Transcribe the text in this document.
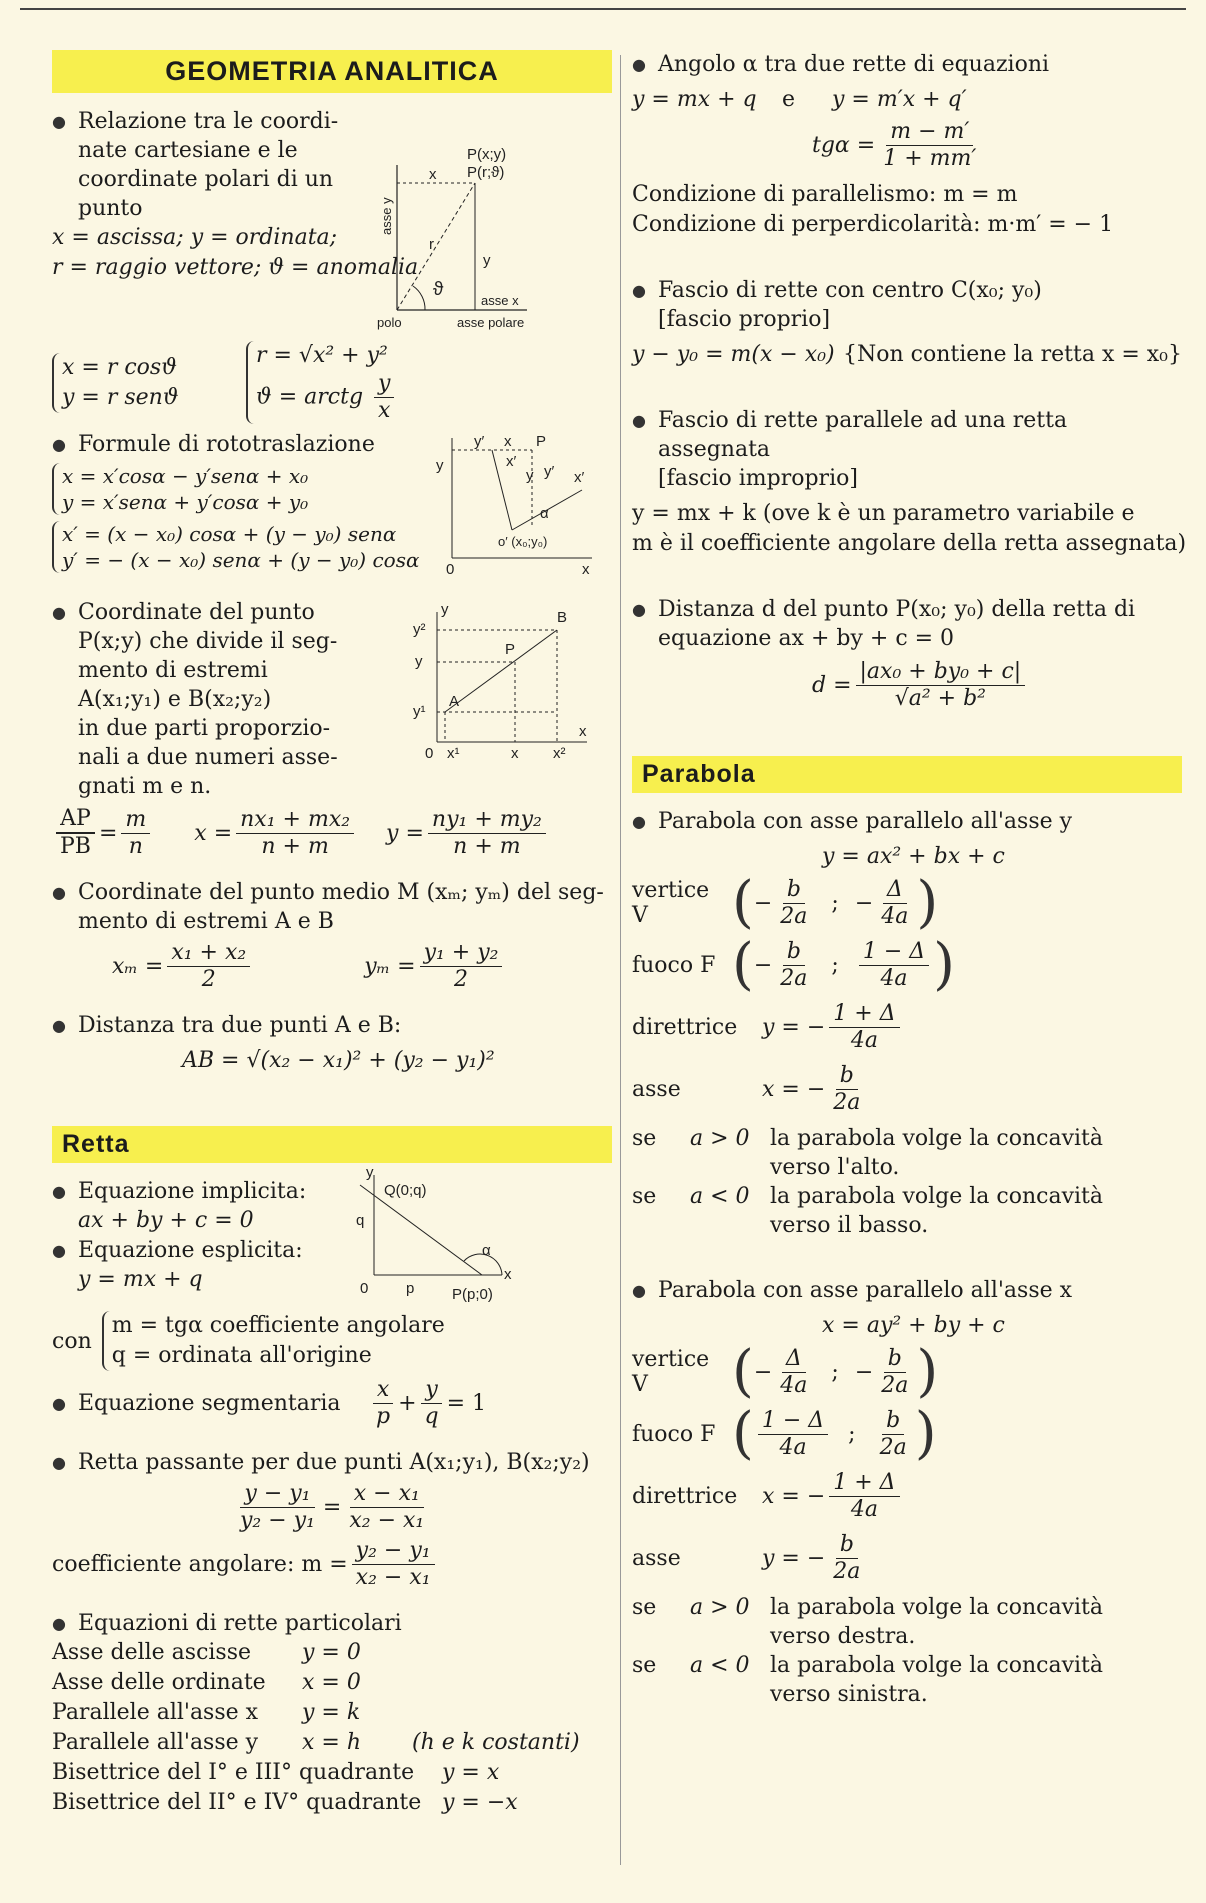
GEOMETRIA ANALITICA
● Relazione tra le coordi-
nate cartesiane e le
coordinate polari di un
punto
x = ascissa; y = ordinata;
r = raggio vettore; ϑ = anomalia
P(x;y)
P(r;ϑ)
x
y
r
ϑ
asse y
asse x
polo	asse polare
x = r cosϑ
y = r senϑ
r = √x² + y²
ϑ = arctg $\frac{y}{x}$
● Formule di rototraslazione
x = x′cosα − y′senα + x₀
y = x′senα + y′cosα + y₀
x′ = (x − x₀) cosα + (y − y₀) senα
y′ = − (x − x₀) senα + (y − y₀) cosα
y
y′ x P
x′
y y′ x′
α
o′ (x₀;y₀)
0	x
● Coordinate del punto
P(x;y) che divide il seg-
mento di estremi
A(x₁;y₁) e B(x₂;y₂)
in due parti proporzio-
nali a due numeri asse-
gnati m e n.
y
y²
y
y¹
B
P
A
0 x¹	x x²
x
$\frac{AP}{PB} = \frac{m}{n}$ $x = \frac{\text{nx₁ + mx₂}}{n + m}$ $y = \frac{\text{ny₁ + my₂}}{n + m}$
● Coordinate del punto medio M (xₘ; yₘ) del seg-
mento di estremi A e B
$x_m = \frac{\text{x₁ + x₂}}{2}$	$y_m = \frac{\text{y₁ + y₂}}{2}$
● Distanza tra due punti A e B:
AB = √(x₂ − x₁)² + (y₂ − y₁)²
Retta
● Equazione implicita:
ax + by + c = 0
● Equazione esplicita:
y = mx + q
y
Q(0;q)
q
α
x
0	p	P(p;0)
con
m = tgα coefficiente angolare
q = ordinata all'origine
● Equazione segmentaria	$\frac{x}{p} + \frac{y}{q} = 1$
● Retta passante per due punti A(x₁;y₁), B(x₂;y₂)
$\frac{\text{y − y₁}}{\text{y₂ − y₁}} = \frac{\text{x − x₁}}{\text{x₂ − x₁}}$
coefficiente angolare: $m = \frac{\text{y₂ − y₁}}{\text{x₂ − x₁}}$
● Equazioni di rette particolari
Asse delle ascisse	y = 0
Asse delle ordinate	x = 0
Parallele all'asse x	y = k
Parallele all'asse y	x = h	(h e k costanti)
Bisettrice del I° e III° quadrante	y = x
Bisettrice del II° e IV° quadrante y = −x
● Angolo α tra due rette di equazioni
y = mx + q	e	y = m′x + q′
$tg\alpha = \frac{m - m'}{1 + mm'}$
Condizione di parallelismo: m = m
Condizione di perperdicolarità: m·m′ = − 1
● Fascio di rette con centro C(x₀; y₀)
[fascio proprio]
y − y₀ = m(x − x₀) {Non contiene la retta x = x₀}
● Fascio di rette parallele ad una retta assegnata
[fascio improprio]
y = mx + k (ove k è un parametro variabile e
m è il coefficiente angolare della retta assegnata)
● Distanza d del punto P(x₀; y₀) della retta di
equazione ax + by + c = 0
$d = \frac{\text{|ax₀ + by₀ + c|}}{\text{√a² + b²}}$
Parabola
● Parabola con asse parallelo all'asse y
y = ax² + bx + c
vertice V	( − $\frac{b}{2a}$ ; − $\frac{\Delta}{4a}$ )
fuoco F ( − $\frac{b}{2a}$ ; $\frac{1 - \Delta}{4a}$ )
direttrice	y = − $\frac{1 + \Delta}{4a}$
asse	x = − $\frac{b}{2a}$
se	a > 0 la parabola volge la concavità
verso l'alto.
se	a < 0 la parabola volge la concavità
verso il basso.
● Parabola con asse parallelo all'asse x
x = ay² + by + c
vertice V	( − $\frac{\Delta}{4a}$ ; − $\frac{b}{2a}$ )
fuoco F ( $\frac{1 - \Delta}{4a}$ ; $\frac{b}{2a}$ )
direttrice	x = − $\frac{1 + \Delta}{4a}$
asse	y = − $\frac{b}{2a}$
se	a > 0 la parabola volge la concavità
verso destra.
se	a < 0 la parabola volge la concavità
verso sinistra.
